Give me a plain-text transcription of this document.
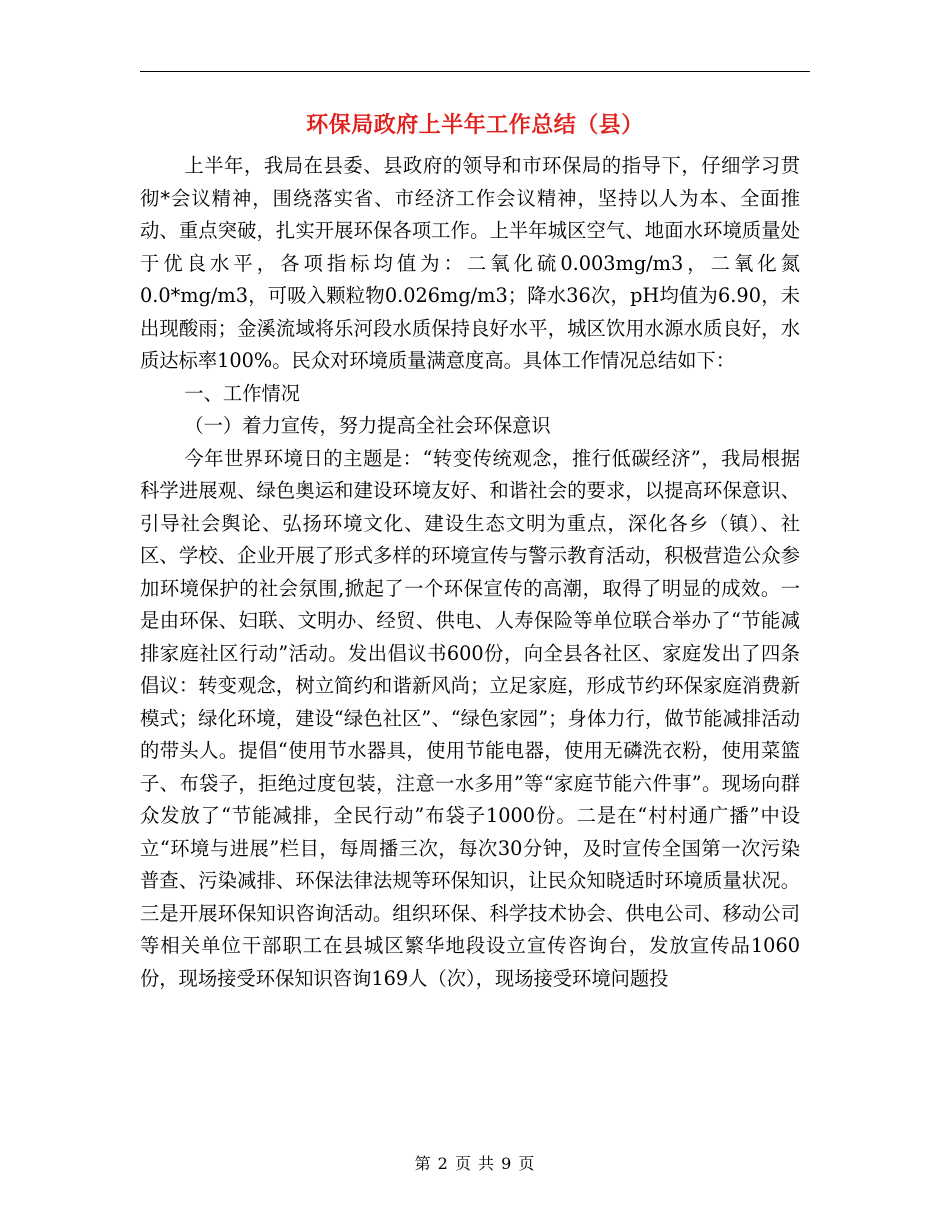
环保局政府上半年工作总结（县）

上半年，我局在县委、县政府的领导和市环保局的指导下，仔细学习贯彻*会议精神，围绕落实省、市经济工作会议精神，坚持以人为本、全面推动、重点突破，扎实开展环保各项工作。上半年城区空气、地面水环境质量处于优良水平，各项指标均值为：二氧化硫0.003mg/m3，二氧化氮0.0*mg/m3，可吸入颗粒物0.026mg/m3；降水36次，pH均值为6.90，未出现酸雨；金溪流域将乐河段水质保持良好水平，城区饮用水源水质良好，水质达标率100%。民众对环境质量满意度高。具体工作情况总结如下：

一、工作情况

（一）着力宣传，努力提高全社会环保意识

今年世界环境日的主题是：“转变传统观念，推行低碳经济”，我局根据科学进展观、绿色奥运和建设环境友好、和谐社会的要求，以提高环保意识、引导社会舆论、弘扬环境文化、建设生态文明为重点，深化各乡（镇）、社区、学校、企业开展了形式多样的环境宣传与警示教育活动，积极营造公众参加环境保护的社会氛围,掀起了一个环保宣传的高潮，取得了明显的成效。一是由环保、妇联、文明办、经贸、供电、人寿保险等单位联合举办了“节能减排家庭社区行动”活动。发出倡议书600份，向全县各社区、家庭发出了四条倡议：转变观念，树立简约和谐新风尚；立足家庭，形成节约环保家庭消费新模式；绿化环境，建设“绿色社区”、“绿色家园”；身体力行，做节能减排活动的带头人。提倡“使用节水器具，使用节能电器，使用无磷洗衣粉，使用菜篮子、布袋子，拒绝过度包装，注意一水多用”等“家庭节能六件事”。现场向群众发放了“节能减排，全民行动”布袋子1000份。二是在“村村通广播”中设立“环境与进展”栏目，每周播三次，每次30分钟，及时宣传全国第一次污染普查、污染减排、环保法律法规等环保知识，让民众知晓适时环境质量状况。三是开展环保知识咨询活动。组织环保、科学技术协会、供电公司、移动公司等相关单位干部职工在县城区繁华地段设立宣传咨询台，发放宣传品1060份，现场接受环保知识咨询169人（次），现场接受环境问题投

第 2 页 共 9 页
